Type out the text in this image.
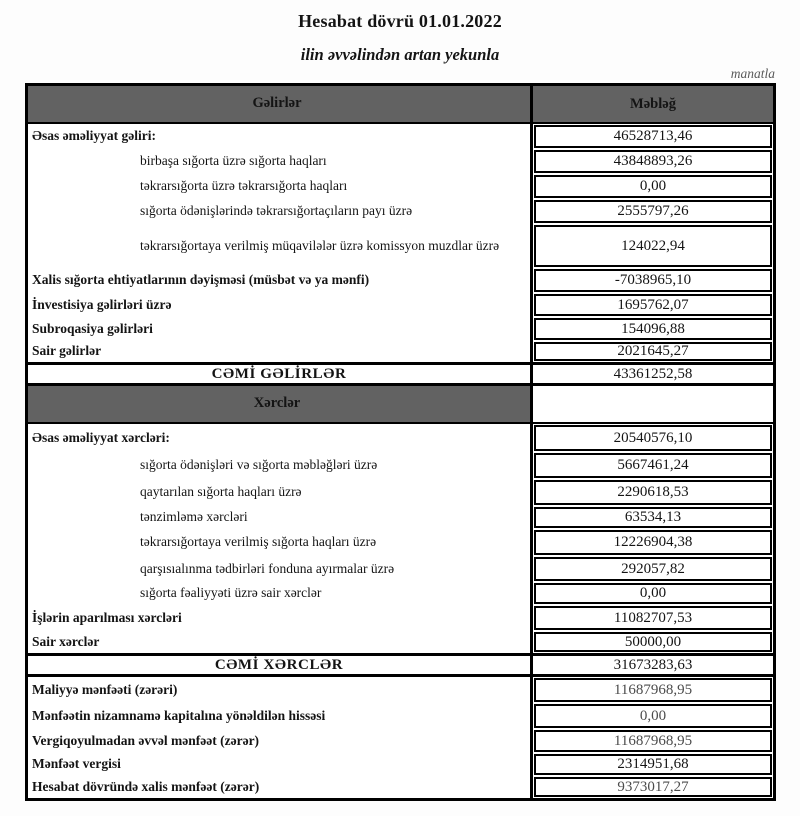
Hesabat dövrü 01.01.2022
ilin əvvəlindən artan yekunla
manatla
Gəlirlər	Məbləğ
Əsas əməliyyat gəliri:	46528713,46
birbaşa sığorta üzrə sığorta haqları	43848893,26
təkrarsığorta üzrə təkrarsığorta haqları	0,00
sığorta ödənişlərində təkrarsığortaçıların payı üzrə	2555797,26
təkrarsığortaya verilmiş müqavilələr üzrə komissyon muzdlar üzrə	124022,94
Xalis sığorta ehtiyatlarının dəyişməsi (müsbət və ya mənfi)	-7038965,10
İnvestisiya gəlirləri üzrə	1695762,07
Subroqasiya gəlirləri	154096,88
Sair gəlirlər	2021645,27
CƏMİ GƏLİRLƏR	43361252,58
Xərclər
Əsas əməliyyat xərcləri:	20540576,10
sığorta ödənişləri və sığorta məbləğləri üzrə	5667461,24
qaytarılan sığorta haqları üzrə	2290618,53
tənzimləmə xərcləri	63534,13
təkrarsığortaya verilmiş sığorta haqları üzrə	12226904,38
qarşısıalınma tədbirləri fonduna ayırmalar üzrə	292057,82
sığorta fəaliyyəti üzrə sair xərclər	0,00
İşlərin aparılması xərcləri	11082707,53
Sair xərclər	50000,00
CƏMİ XƏRCLƏR	31673283,63
Maliyyə mənfəəti (zərəri)	11687968,95
Mənfəətin nizamnamə kapitalına yönəldilən hissəsi	0,00
Vergiqoyulmadan əvvəl mənfəət (zərər)	11687968,95
Mənfəət vergisi	2314951,68
Hesabat dövründə xalis mənfəət (zərər)	9373017,27
